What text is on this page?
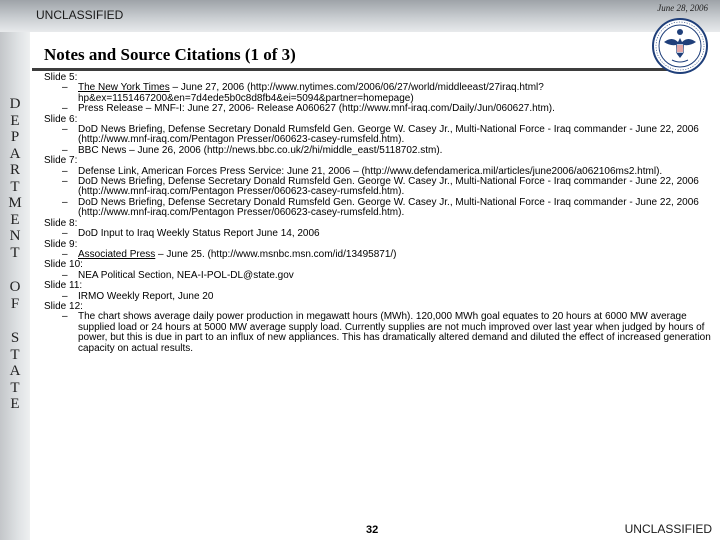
UNCLASSIFIED	June 28, 2006
D
E
P
A
R
T
M
E
N
T
O
F
S
T
A
T
E
Notes and Source Citations (1 of 3)
Slide 5:
– The New York Times – June 27, 2006 (http://www.nytimes.com/2006/06/27/world/middleeast/27iraq.html?hp&ex=1151467200&en=7d4ede5b0c8d8fb4&ei=5094&partner=homepage)
– Press Release – MNF-I: June 27, 2006- Release A060627 (http://www.mnf-iraq.com/Daily/Jun/060627.htm).
Slide 6:
– DoD News Briefing, Defense Secretary Donald Rumsfeld Gen. George W. Casey Jr., Multi-National Force - Iraq commander - June 22, 2006 (http://www.mnf-iraq.com/Pentagon Presser/060623-casey-rumsfeld.htm).
– BBC News – June 26, 2006 (http://news.bbc.co.uk/2/hi/middle_east/5118702.stm).
Slide 7:
– Defense Link, American Forces Press Service: June 21, 2006 – (http://www.defendamerica.mil/articles/june2006/a062106ms2.html).
– DoD News Briefing, Defense Secretary Donald Rumsfeld Gen. George W. Casey Jr., Multi-National Force - Iraq commander - June 22, 2006 (http://www.mnf-iraq.com/Pentagon Presser/060623-casey-rumsfeld.htm).
– DoD News Briefing, Defense Secretary Donald Rumsfeld Gen. George W. Casey Jr., Multi-National Force - Iraq commander - June 22, 2006 (http://www.mnf-iraq.com/Pentagon Presser/060623-casey-rumsfeld.htm).
Slide 8:
– DoD Input to Iraq Weekly Status Report June 14, 2006
Slide 9:
– Associated Press – June 25. (http://www.msnbc.msn.com/id/13495871/)
Slide 10:
– NEA Political Section, NEA-I-POL-DL@state.gov
Slide 11:
– IRMO Weekly Report, June 20
Slide 12:
– The chart shows average daily power production in megawatt hours (MWh). 120,000 MWh goal equates to 20 hours at 6000 MW average supplied load or 24 hours at 5000 MW average supply load. Currently supplies are not much improved over last year when judged by hours of power, but this is due in part to an influx of new appliances. This has dramatically altered demand and diluted the effect of increased generation capacity on actual results.
32	UNCLASSIFIED
